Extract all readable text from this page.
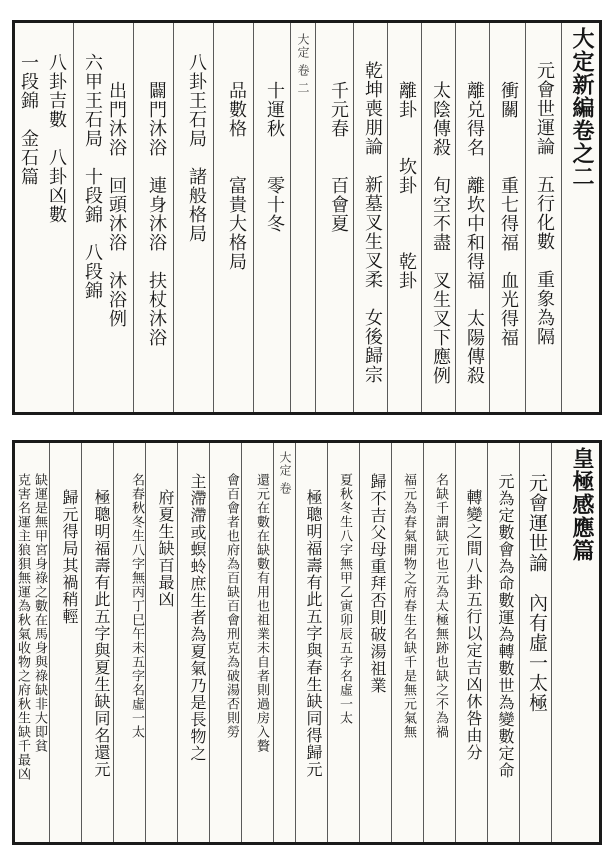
大定新編卷之二
元會世運論　五行化數　重象為隔
衝關　　　重七得福　血光得福
離兑得名　離坎中和得福　太陽傳殺
太陰傳殺　旬空不盡　叉生叉下應例
離卦　　坎卦　　　乾卦
乾坤喪朋論　新墓叉生叉柔　女後歸宗
千元春　　百會夏
大定 卷 二
十運秋　　零十冬
品數格　　富貴大格局
八卦王石局　諸般格局
闢門沐浴　連身沐浴　扶杖沐浴
出門沐浴　回頭沐浴　沐浴例
六甲王石局　十段錦　八段錦
八卦吉數　八卦凶數
一段錦　金石篇
皇極感應篇
元會運世論　內有虛一太極
元為定數會為命數運為轉數世為變數定命
轉變之間八卦五行以定吉凶休咎由分
名缺千謂缺元也元為太極無跡也缺之不為禍
福元為春氣開物之府春生名缺千是無元氣無
歸不吉父母重拜否則破湯祖業
夏秋冬生八字無甲乙寅卯辰五字名虛一太
極聰明福壽有此五字與春生缺同得歸元
大定 卷
還元在數在缺數有用也祖業未自者則過房入贅
會百會者也府為百缺百會刑克為破湯否則勞
主滯滯或螟蛉庶生者為夏氣乃是長物之
府夏生缺百最凶
名春秋冬生八字無丙丁巳午未五字名虛一太
極聰明福壽有此五字與夏生缺同名還元
歸元得局其禍稍輕
缺運是無甲宮身祿之數在馬身與祿缺非大即貧
克害名運主狼狽無運為秋氣收物之府秋生缺千最凶
